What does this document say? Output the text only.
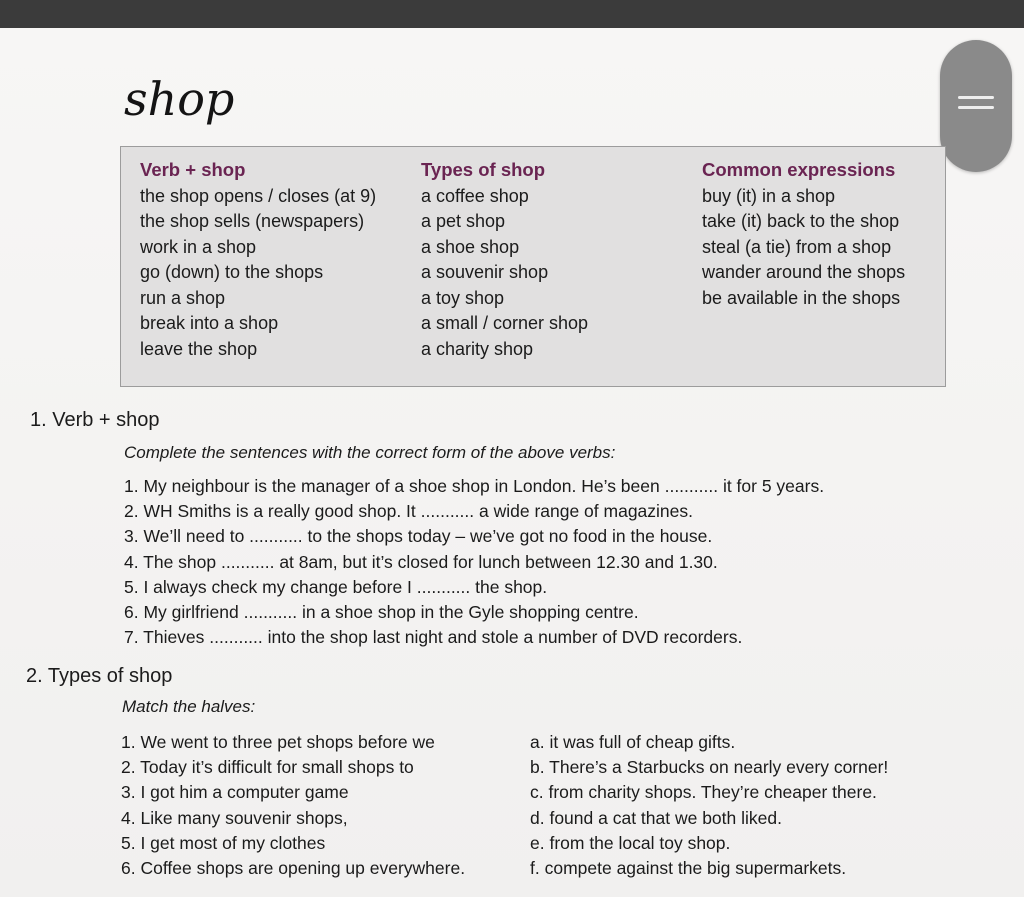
shop
Verb + shop
the shop opens / closes (at 9)
the shop sells (newspapers)
work in a shop
go (down) to the shops
run a shop
break into a shop
leave the shop
Types of shop
a coffee shop
a pet shop
a shoe shop
a souvenir shop
a toy shop
a small / corner shop
a charity shop
Common expressions
buy (it) in a shop
take (it) back to the shop
steal (a tie) from a shop
wander around the shops
be available in the shops
1. Verb + shop
Complete the sentences with the correct form of the above verbs:
1. My neighbour is the manager of a shoe shop in London. He’s been ........... it for 5 years.
2. WH Smiths is a really good shop. It ........... a wide range of magazines.
3. We’ll need to ........... to the shops today – we’ve got no food in the house.
4. The shop ........... at 8am, but it’s closed for lunch between 12.30 and 1.30.
5. I always check my change before I ........... the shop.
6. My girlfriend ........... in a shoe shop in the Gyle shopping centre.
7. Thieves ........... into the shop last night and stole a number of DVD recorders.
2. Types of shop
Match the halves:
1. We went to three pet shops before we
2. Today it’s difficult for small shops to
3. I got him a computer game
4. Like many souvenir shops,
5. I get most of my clothes
6. Coffee shops are opening up everywhere.
a. it was full of cheap gifts.
b. There’s a Starbucks on nearly every corner!
c. from charity shops. They’re cheaper there.
d. found a cat that we both liked.
e. from the local toy shop.
f. compete against the big supermarkets.
